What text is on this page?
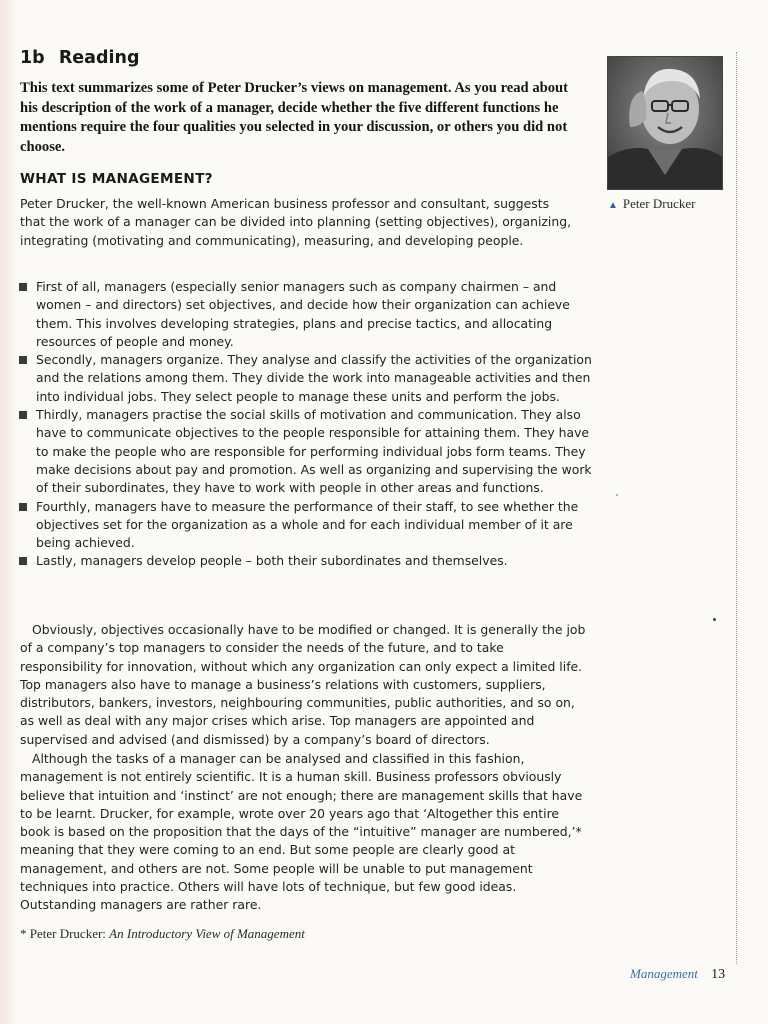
1b Reading
This text summarizes some of Peter Drucker’s views on management. As you read about his description of the work of a manager, decide whether the five different functions he mentions require the four qualities you selected in your discussion, or others you did not choose.
WHAT IS MANAGEMENT?
Peter Drucker, the well-known American business professor and consultant, suggests that the work of a manager can be divided into planning (setting objectives), organizing, integrating (motivating and communicating), measuring, and developing people.
First of all, managers (especially senior managers such as company chairmen – and women – and directors) set objectives, and decide how their organization can achieve them. This involves developing strategies, plans and precise tactics, and allocating resources of people and money.
Secondly, managers organize. They analyse and classify the activities of the organization and the relations among them. They divide the work into manageable activities and then into individual jobs. They select people to manage these units and perform the jobs.
Thirdly, managers practise the social skills of motivation and communication. They also have to communicate objectives to the people responsible for attaining them. They have to make the people who are responsible for performing individual jobs form teams. They make decisions about pay and promotion. As well as organizing and supervising the work of their subordinates, they have to work with people in other areas and functions.
Fourthly, managers have to measure the performance of their staff, to see whether the objectives set for the organization as a whole and for each individual member of it are being achieved.
Lastly, managers develop people – both their subordinates and themselves.
Obviously, objectives occasionally have to be modified or changed. It is generally the job of a company’s top managers to consider the needs of the future, and to take responsibility for innovation, without which any organization can only expect a limited life. Top managers also have to manage a business’s relations with customers, suppliers, distributors, bankers, investors, neighbouring communities, public authorities, and so on, as well as deal with any major crises which arise. Top managers are appointed and supervised and advised (and dismissed) by a company’s board of directors.
Although the tasks of a manager can be analysed and classified in this fashion, management is not entirely scientific. It is a human skill. Business professors obviously believe that intuition and ‘instinct’ are not enough; there are management skills that have to be learnt. Drucker, for example, wrote over 20 years ago that ‘Altogether this entire book is based on the proposition that the days of the “intuitive” manager are numbered,’* meaning that they were coming to an end. But some people are clearly good at management, and others are not. Some people will be unable to put management techniques into practice. Others will have lots of technique, but few good ideas. Outstanding managers are rather rare.
* Peter Drucker: An Introductory View of Management
▲ Peter Drucker
Management 13
